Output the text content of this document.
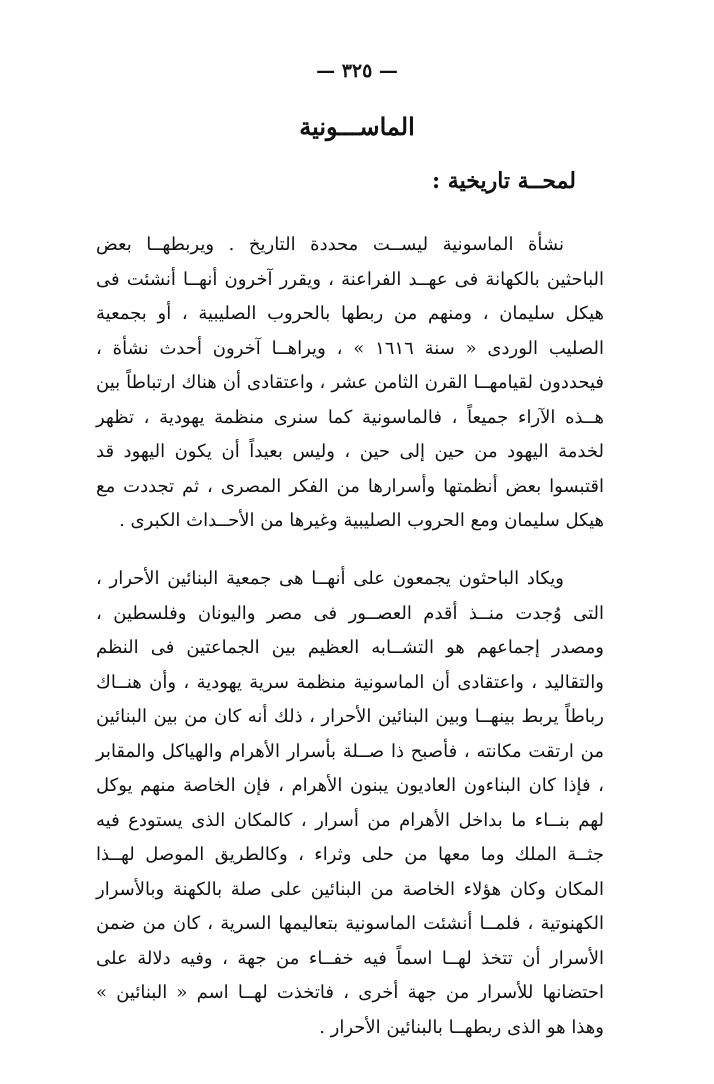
— ٣٢٥ —
الماســـونية
لمحــة تاريخية :

نشأة الماسونية ليســت محددة التاريخ . ويربطهــا بعض الباحثين بالكهانة فى عهــد الفراعنة ، ويقرر آخرون أنهــا أنشئت فى هيكل سليمان ، ومنهم من ربطها بالحروب الصليبية ، أو بجمعية الصليب الوردى « سنة ١٦١٦ » ، ويراهــا آخرون أحدث نشأة ، فيحددون لقيامهــا القرن الثامن عشر ، واعتقادى أن هناك ارتباطاً بين هــذه الآراء جميعاً ، فالماسونية كما سنرى منظمة يهودية ، تظهر لخدمة اليهود من حين إلى حين ، وليس بعيداً أن يكون اليهود قد اقتبسوا بعض أنظمتها وأسرارها من الفكر المصرى ، ثم تجددت مع هيكل سليمان ومع الحروب الصليبية وغيرها من الأحــداث الكبرى .

ويكاد الباحثون يجمعون على أنهــا هى جمعية البنائين الأحرار ، التى وُجدت منــذ أقدم العصــور فى مصر واليونان وفلسطين ، ومصدر إجماعهم هو التشــابه العظيم بين الجماعتين فى النظم والتقاليد ، واعتقادى أن الماسونية منظمة سرية يهودية ، وأن هنــاك رباطاً يربط بينهــا وبين البنائين الأحرار ، ذلك أنه كان من بين البنائين من ارتقت مكانته ، فأصبح ذا صــلة بأسرار الأهرام والهياكل والمقابر ، فإذا كان البناءون العاديون يبنون الأهرام ، فإن الخاصة منهم يوكل لهم بنــاء ما بداخل الأهرام من أسرار ، كالمكان الذى يستودع فيه جثــة الملك وما معها من حلى وثراء ، وكالطريق الموصل لهــذا المكان وكان هؤلاء الخاصة من البنائين على صلة بالكهنة وبالأسرار الكهنوتية ، فلمــا أنشئت الماسونية بتعاليمها السرية ، كان من ضمن الأسرار أن تتخذ لهــا اسماً فيه خفــاء من جهة ، وفيه دلالة على احتضانها للأسرار من جهة أخرى ، فاتخذت لهــا اسم « البنائين » وهذا هو الذى ربطهــا بالبنائين الأحرار .
